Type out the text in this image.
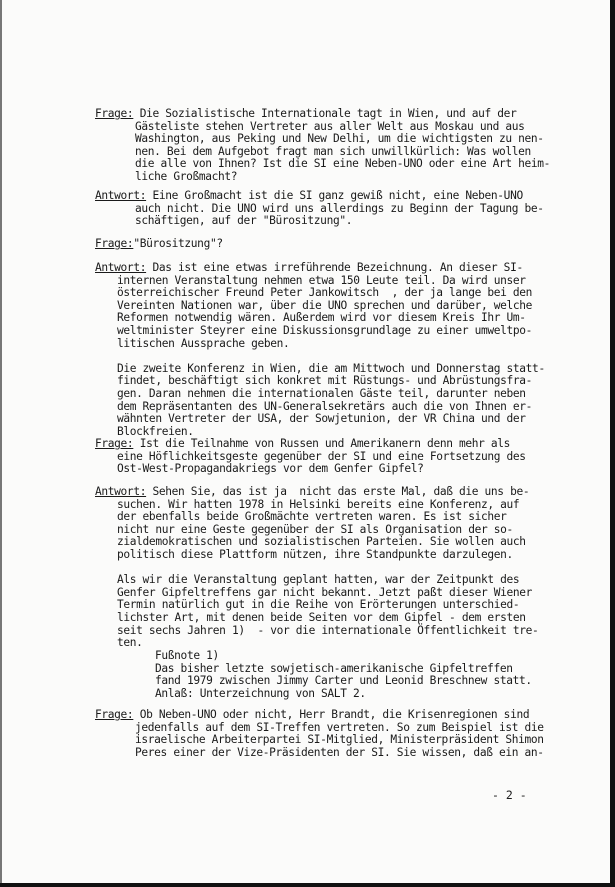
Frage: Die Sozialistische Internationale tagt in Wien, und auf der
Gästeliste stehen Vertreter aus aller Welt aus Moskau und aus
Washington, aus Peking und New Delhi, um die wichtigsten zu nen-
nen. Bei dem Aufgebot fragt man sich unwillkürlich: Was wollen
die alle von Ihnen? Ist die SI eine Neben-UNO oder eine Art heim-
liche Großmacht?
Antwort: Eine Großmacht ist die SI ganz gewiß nicht, eine Neben-UNO
auch nicht. Die UNO wird uns allerdings zu Beginn der Tagung be-
schäftigen, auf der "Bürositzung".
Frage:"Bürositzung"?
Antwort: Das ist eine etwas irreführende Bezeichnung. An dieser SI-
internen Veranstaltung nehmen etwa 150 Leute teil. Da wird unser
österreichischer Freund Peter Jankowitsch  , der ja lange bei den
Vereinten Nationen war, über die UNO sprechen und darüber, welche
Reformen notwendig wären. Außerdem wird vor diesem Kreis Ihr Um-
weltminister Steyrer eine Diskussionsgrundlage zu einer umweltpo-
litischen Aussprache geben.
Die zweite Konferenz in Wien, die am Mittwoch und Donnerstag statt-
findet, beschäftigt sich konkret mit Rüstungs- und Abrüstungsfra-
gen. Daran nehmen die internationalen Gäste teil, darunter neben
dem Repräsentanten des UN-Generalsekretärs auch die von Ihnen er-
wähnten Vertreter der USA, der Sowjetunion, der VR China und der
Blockfreien.
Frage: Ist die Teilnahme von Russen und Amerikanern denn mehr als
eine Höflichkeitsgeste gegenüber der SI und eine Fortsetzung des
Ost-West-Propagandakriegs vor dem Genfer Gipfel?
Antwort: Sehen Sie, das ist ja  nicht das erste Mal, daß die uns be-
suchen. Wir hatten 1978 in Helsinki bereits eine Konferenz, auf
der ebenfalls beide Großmächte vertreten waren. Es ist sicher
nicht nur eine Geste gegenüber der SI als Organisation der so-
zialdemokratischen und sozialistischen Parteien. Sie wollen auch
politisch diese Plattform nützen, ihre Standpunkte darzulegen.
Als wir die Veranstaltung geplant hatten, war der Zeitpunkt des
Genfer Gipfeltreffens gar nicht bekannt. Jetzt paßt dieser Wiener
Termin natürlich gut in die Reihe von Erörterungen unterschied-
lichster Art, mit denen beide Seiten vor dem Gipfel - dem ersten
seit sechs Jahren 1)  - vor die internationale Öffentlichkeit tre-
ten.
Fußnote 1)
Das bisher letzte sowjetisch-amerikanische Gipfeltreffen
fand 1979 zwischen Jimmy Carter und Leonid Breschnew statt.
Anlaß: Unterzeichnung von SALT 2.
Frage: Ob Neben-UNO oder nicht, Herr Brandt, die Krisenregionen sind
jedenfalls auf dem SI-Treffen vertreten. So zum Beispiel ist die
israelische Arbeiterpartei SI-Mitglied, Ministerpräsident Shimon
Peres einer der Vize-Präsidenten der SI. Sie wissen, daß ein an-
- 2 -
